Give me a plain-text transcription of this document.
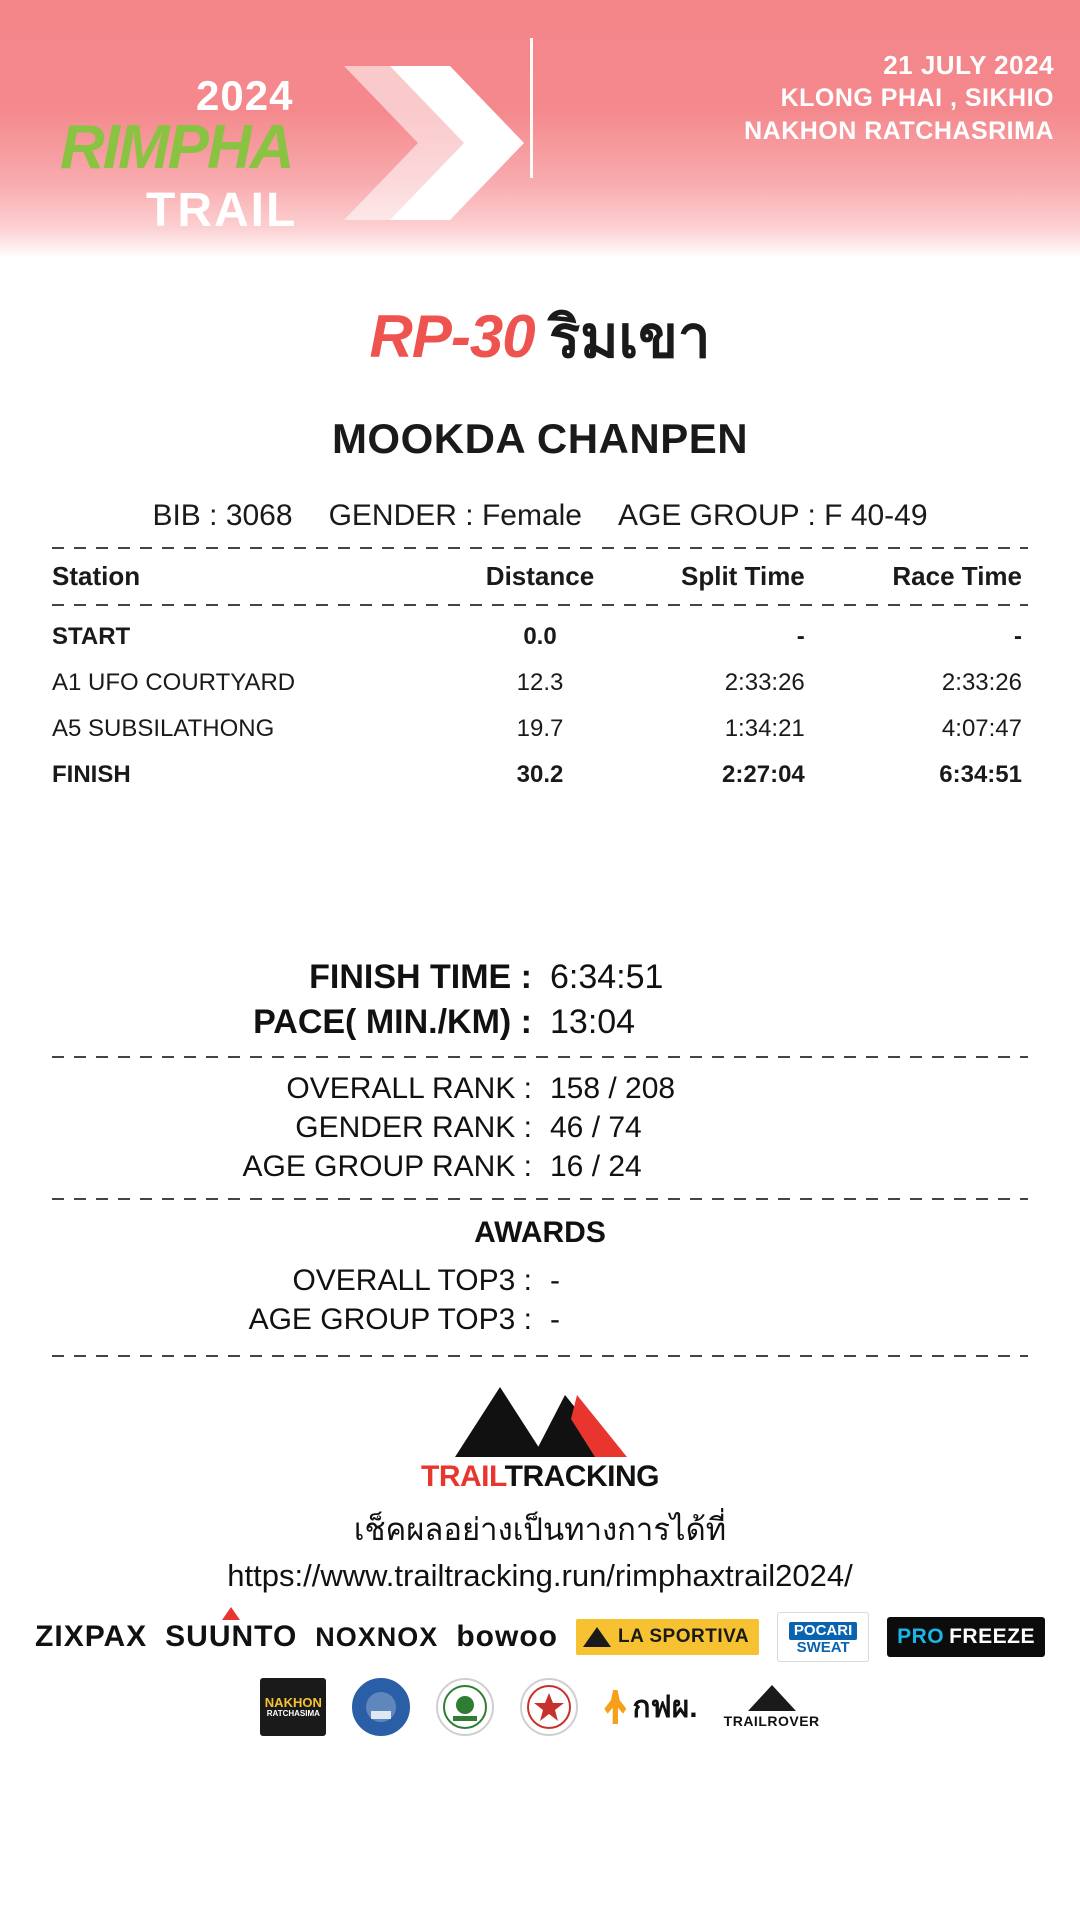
2024
RIMPHA
TRAIL
21 JULY 2024
KLONG PHAI , SIKHIO
NAKHON RATCHASRIMA
RP-30 ริมเขา
MOOKDA CHANPEN
BIB : 3068 GENDER : Female AGE GROUP : F 40-49
Station	Distance	Split Time	Race Time
START	0.0	-	-
A1 UFO COURTYARD	12.3	2:33:26	2:33:26
A5 SUBSILATHONG	19.7	1:34:21	4:07:47
FINISH	30.2	2:27:04	6:34:51
FINISH TIME : 6:34:51
PACE( MIN./KM) : 13:04
OVERALL RANK : 158 / 208
GENDER RANK : 46 / 74
AGE GROUP RANK : 16 / 24
AWARDS
OVERALL TOP3 : -
AGE GROUP TOP3 : -
TRAILTRACKING
เช็คผลอย่างเป็นทางการได้ที่
https://www.trailtracking.run/rimphaxtrail2024/
ZIXPAX SUUNTO NOXNOX bowoo	LA SPORTIVA	POCARI
SWEAT PRO FREEZE
NAKHON
RATCHASIMA	กฟผ. TRAILROVER
